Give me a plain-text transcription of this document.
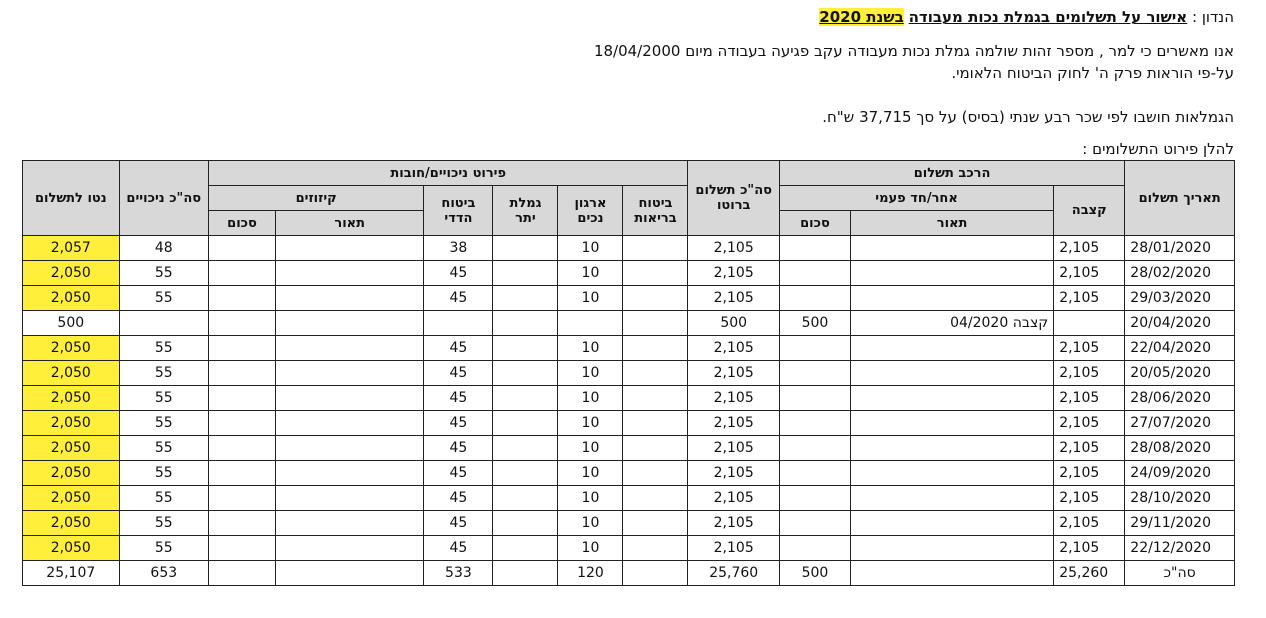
הנדון : אישור על תשלומים בגמלת נכות מעבודה בשנת 2020
אנו מאשרים כי למר , מספר זהות שולמה גמלת נכות מעבודה עקב פגיעה בעבודה מיום 18/04/2000
על-פי הוראות פרק ה' לחוק הביטוח הלאומי.
הגמלאות חושבו לפי שכר רבע שנתי (בסיס) על סך 37,715 ש"ח.
להלן פירוט התשלומים :
תאריך תשלום	הרכב תשלום			סה"כ תשלום ברוטו	פירוט ניכויים/חובות						סה"כ ניכויים	נטו לתשלום
	קצבה	אחר/חד פעמי			ביטוח בריאות	ארגון נכים	גמלת יתר	ביטוח הדדי	קיזוזים			
		תאור	סכום						תאור	סכום		
28/01/2020	2,105			2,105		10		38			48	2,057
28/02/2020	2,105			2,105		10		45			55	2,050
29/03/2020	2,105			2,105		10		45			55	2,050
20/04/2020		קצבה 04/2020	500	500								500
22/04/2020	2,105			2,105		10		45			55	2,050
20/05/2020	2,105			2,105		10		45			55	2,050
28/06/2020	2,105			2,105		10		45			55	2,050
27/07/2020	2,105			2,105		10		45			55	2,050
28/08/2020	2,105			2,105		10		45			55	2,050
24/09/2020	2,105			2,105		10		45			55	2,050
28/10/2020	2,105			2,105		10		45			55	2,050
29/11/2020	2,105			2,105		10		45			55	2,050
22/12/2020	2,105			2,105		10		45			55	2,050
סה"כ	25,260		500	25,760		120		533			653	25,107
